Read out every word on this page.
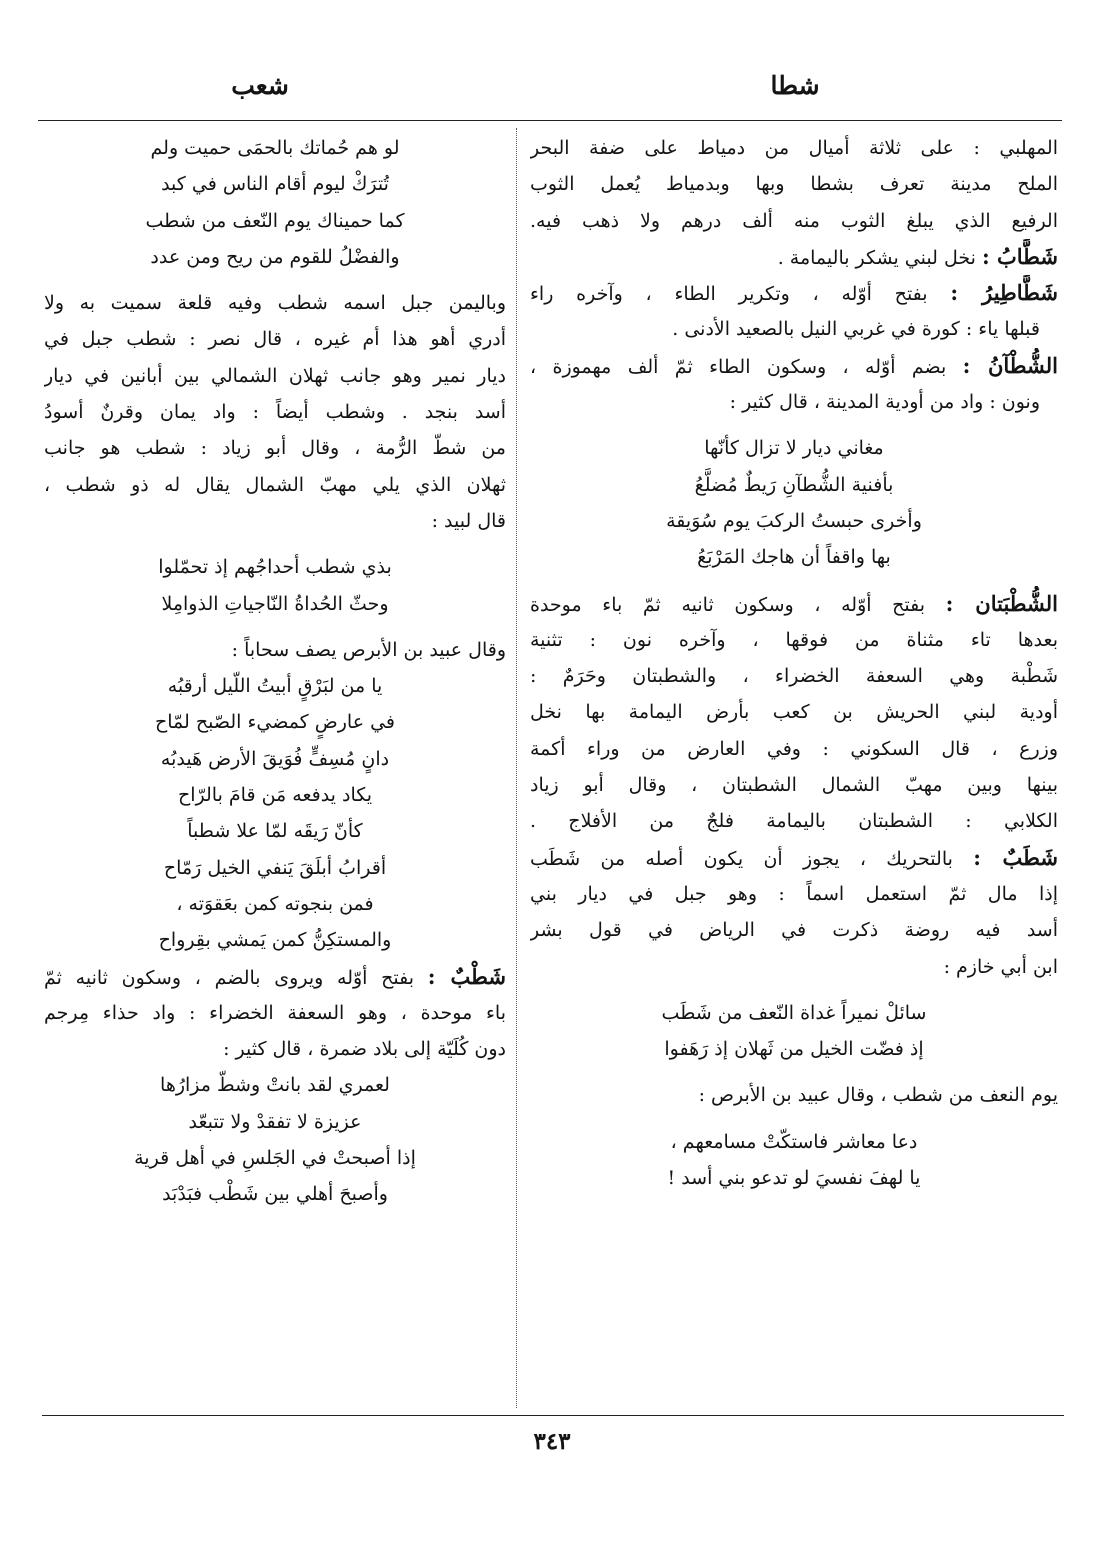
شطا
شعب
المهلبي : على ثلاثة أميال من دمياط على ضفة البحر
الملح مدينة تعرف بشطا وبها وبدمياط يُعمل الثوب
الرفيع الذي يبلغ الثوب منه ألف درهم ولا ذهب فيه.
شَطَّابُ : نخل لبني يشكر باليمامة .
شَطَّاطِيرُ : بفتح أوّله ، وتكرير الطاء ، وآخره راء
قبلها ياء : كورة في غربي النيل بالصعيد الأدنى .
الشُّطْآنُ : بضم أوّله ، وسكون الطاء ثمّ ألف مهموزة ،
ونون : واد من أودية المدينة ، قال كثير :
مغاني ديار لا تزال كأنّها
بأفنية الشُّطآنِ رَيطٌ مُضلَّعُ
وأخرى حبستُ الركبَ يوم سُوَيقة
بها واقفاً أن هاجك المَرْبَعُ
الشُّطْبَتان : بفتح أوّله ، وسكون ثانيه ثمّ باء موحدة
بعدها تاء مثناة من فوقها ، وآخره نون : تثنية
شَطْبة وهي السعفة الخضراء ، والشطبتان وحَرَمٌ :
أودية لبني الحريش بن كعب بأرض اليمامة بها نخل
وزرع ، قال السكوني : وفي العارض من وراء أكمة
بينها وبين مهبّ الشمال الشطبتان ، وقال أبو زياد
الكلابي : الشطبتان باليمامة فلجٌ من الأفلاج .
شَطَبٌ : بالتحريك ، يجوز أن يكون أصله من شَطَب
إذا مال ثمّ استعمل اسماً : وهو جبل في ديار بني
أسد فيه روضة ذكرت في الرياض في قول بشر
ابن أبي خازم :
سائلْ نميراً غداة النّعف من شَطَب
إذ فضّت الخيل من ثَهلان إذ رَهَفوا
يوم النعف من شطب ، وقال عبيد بن الأبرص :
دعا معاشر فاستكّتْ مسامعهم ،
يا لهفَ نفسيَ لو تدعو بني أسد !
لو هم حُماتك بالحمَى حميت ولم
تُترَكْ ليوم أقام الناس في كبد
كما حميناك يوم النّعف من شطب
والفضْلُ للقوم من ريح ومن عدد
وباليمن جبل اسمه شطب وفيه قلعة سميت به ولا
أدري أهو هذا أم غيره ، قال نصر : شطب جبل في
ديار نمير وهو جانب ثهلان الشمالي بين أبانين في ديار
أسد بنجد . وشطب أيضاً : واد يمان وقرنٌ أسودُ
من شطّ الرُّمة ، وقال أبو زياد : شطب هو جانب
ثهلان الذي يلي مهبّ الشمال يقال له ذو شطب ،
قال لبيد :
بذي شطب أحداجُهم إذ تحمّلوا
وحثّ الحُداةُ النّاجياتِ الذوامِلا
وقال عبيد بن الأبرص يصف سحاباً :
يا من لبَرْقٍ أبيتُ اللّيل أرقبُه
في عارضٍ كمضيء الصّبح لمّاح
دانٍ مُسِفٍّ فُوَيقَ الأرض هَيدبُه
يكاد يدفعه مَن قامَ بالرّاح
كأنّ رَيقَه لمّا علا شطباً
أقرابُ أبلَقَ يَنفي الخيل رَمّاح
فمن بنجوته كمن بعَقوَته ،
والمستكِنُّ كمن يَمشي بقِرواح
شَطْبٌ : بفتح أوّله ويروى بالضم ، وسكون ثانيه ثمّ
باء موحدة ، وهو السعفة الخضراء : واد حذاء مِرجم
دون كُلَيّة إلى بلاد ضمرة ، قال كثير :
لعمري لقد بانتْ وشطّ مزارُها
عزيزة لا تفقدْ ولا تتبعّد
إذا أصبحتْ في الجَلسِ في أهل قرية
وأصبحَ أهلي بين شَطْب فبَدْبَد
٣٤٣
